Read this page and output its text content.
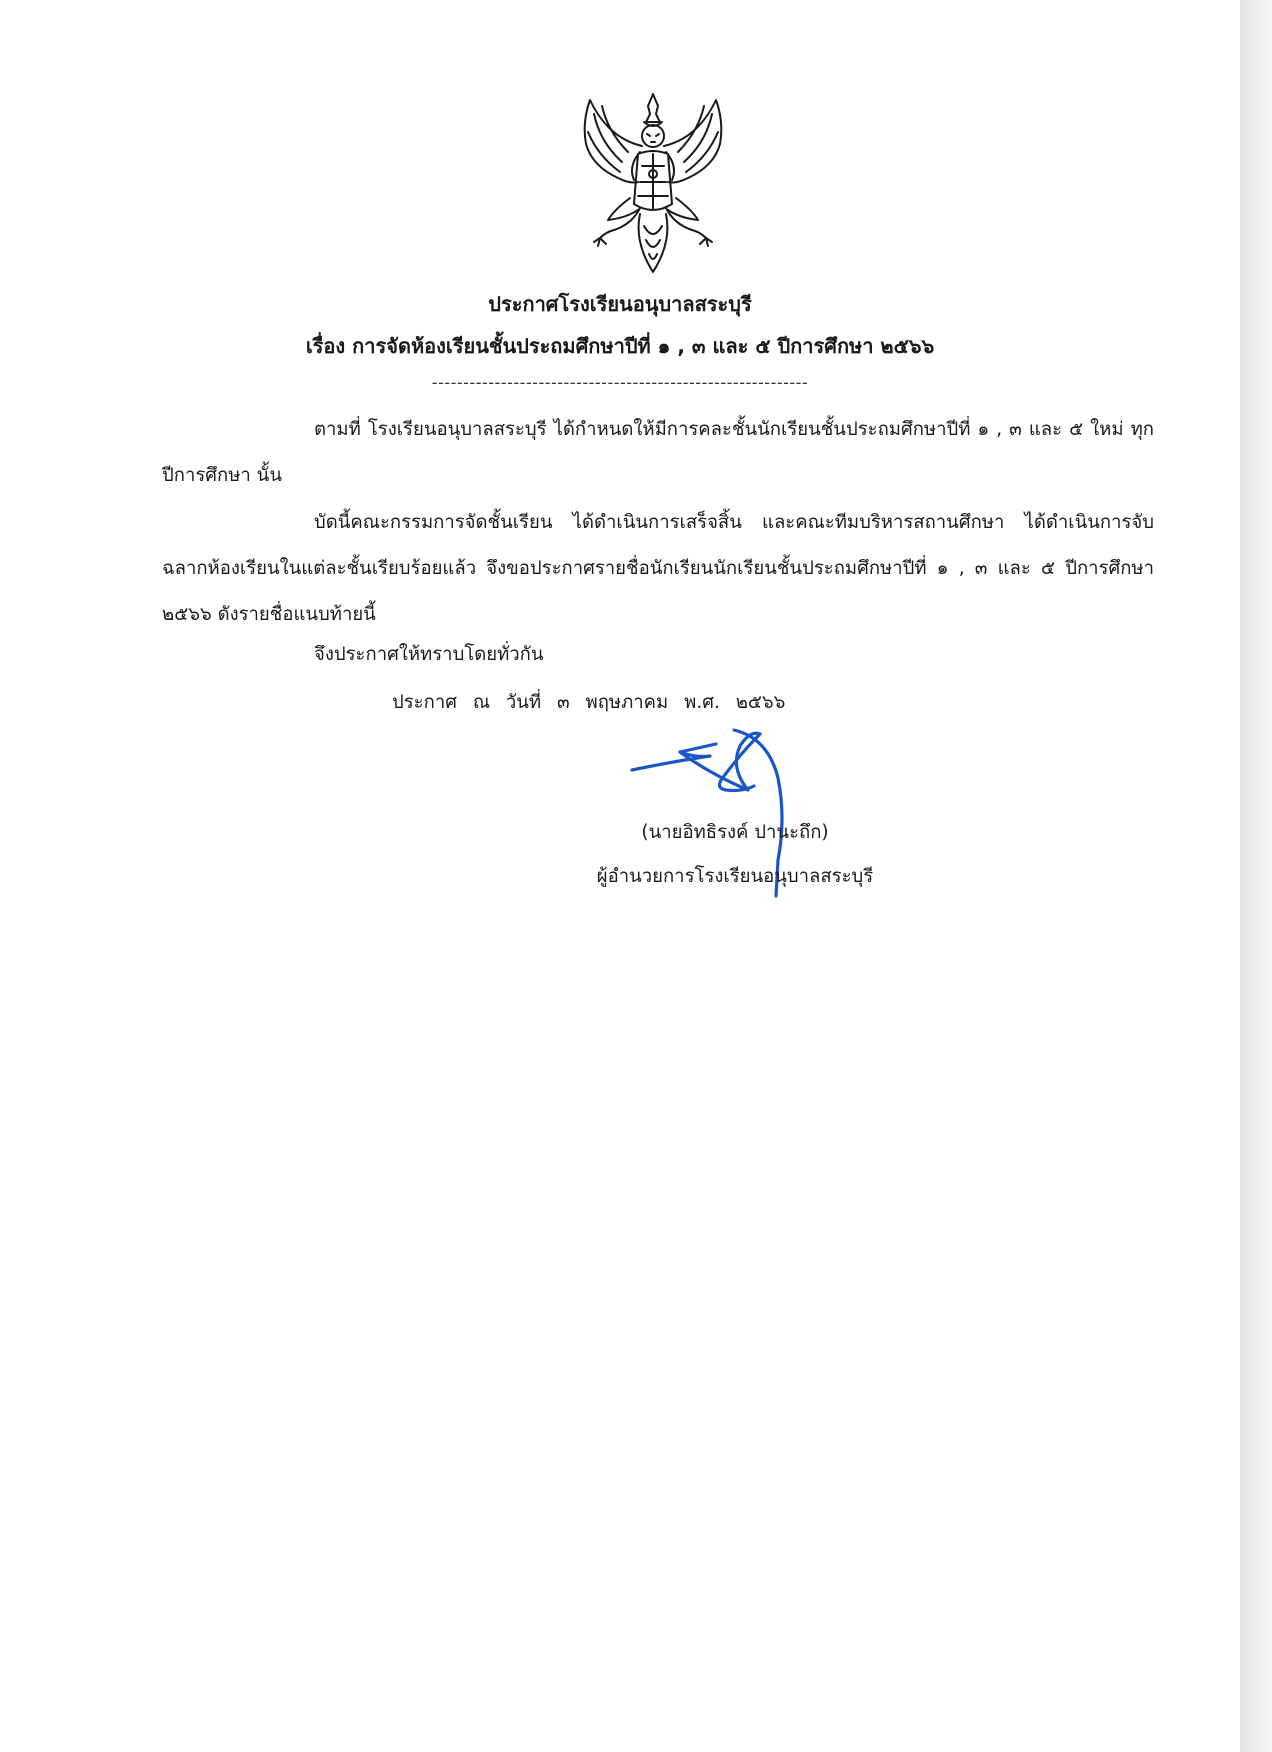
ประกาศโรงเรียนอนุบาลสระบุรี
เรื่อง การจัดห้องเรียนชั้นประถมศึกษาปีที่ ๑ , ๓ และ ๕ ปีการศึกษา ๒๕๖๖
------------------------------------------------------------
ตามที่ โรงเรียนอนุบาลสระบุรี ได้กำหนดให้มีการคละชั้นนักเรียนชั้นประถมศึกษาปีที่ ๑ , ๓ และ ๕ ใหม่ ทุกปีการศึกษา นั้น
บัดนี้คณะกรรมการจัดชั้นเรียน ได้ดำเนินการเสร็จสิ้น และคณะทีมบริหารสถานศึกษา ได้ดำเนินการจับฉลากห้องเรียนในแต่ละชั้นเรียบร้อยแล้ว จึงขอประกาศรายชื่อนักเรียนนักเรียนชั้นประถมศึกษาปีที่ ๑ , ๓ และ ๕ ปีการศึกษา ๒๕๖๖ ดังรายชื่อแนบท้ายนี้
จึงประกาศให้ทราบโดยทั่วกัน
ประกาศ ณ วันที่ ๓ พฤษภาคม พ.ศ. ๒๕๖๖
(นายอิทธิรงค์ ปานะถึก)
ผู้อำนวยการโรงเรียนอนุบาลสระบุรี
